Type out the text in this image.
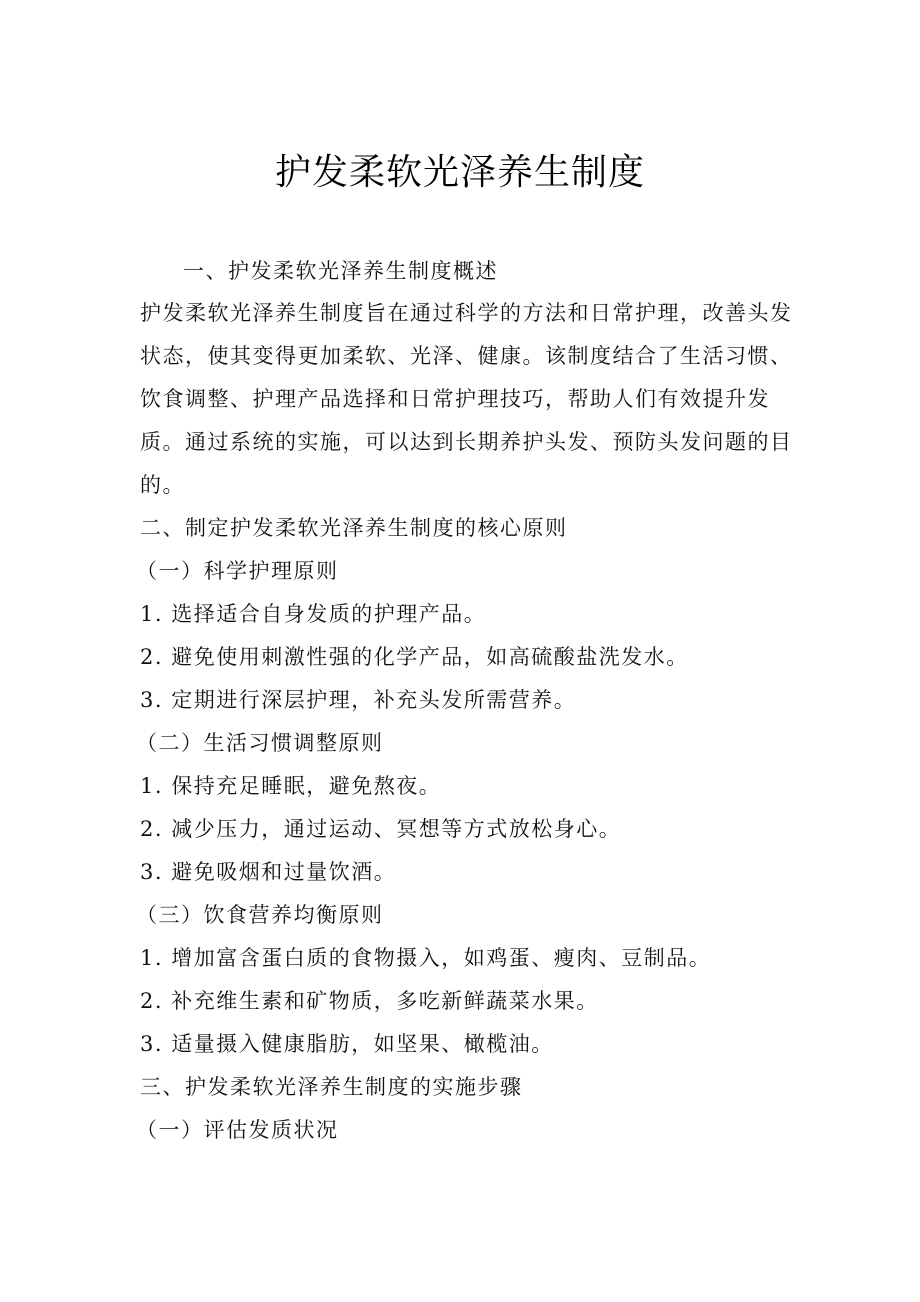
护发柔软光泽养生制度
一、护发柔软光泽养生制度概述
护发柔软光泽养生制度旨在通过科学的方法和日常护理，改善头发
状态，使其变得更加柔软、光泽、健康。该制度结合了生活习惯、
饮食调整、护理产品选择和日常护理技巧，帮助人们有效提升发
质。通过系统的实施，可以达到长期养护头发、预防头发问题的目
的。
二、制定护发柔软光泽养生制度的核心原则
（一）科学护理原则
1. 选择适合自身发质的护理产品。
2. 避免使用刺激性强的化学产品，如高硫酸盐洗发水。
3. 定期进行深层护理，补充头发所需营养。
（二）生活习惯调整原则
1. 保持充足睡眠，避免熬夜。
2. 减少压力，通过运动、冥想等方式放松身心。
3. 避免吸烟和过量饮酒。
（三）饮食营养均衡原则
1. 增加富含蛋白质的食物摄入，如鸡蛋、瘦肉、豆制品。
2. 补充维生素和矿物质，多吃新鲜蔬菜水果。
3. 适量摄入健康脂肪，如坚果、橄榄油。
三、护发柔软光泽养生制度的实施步骤
（一）评估发质状况
